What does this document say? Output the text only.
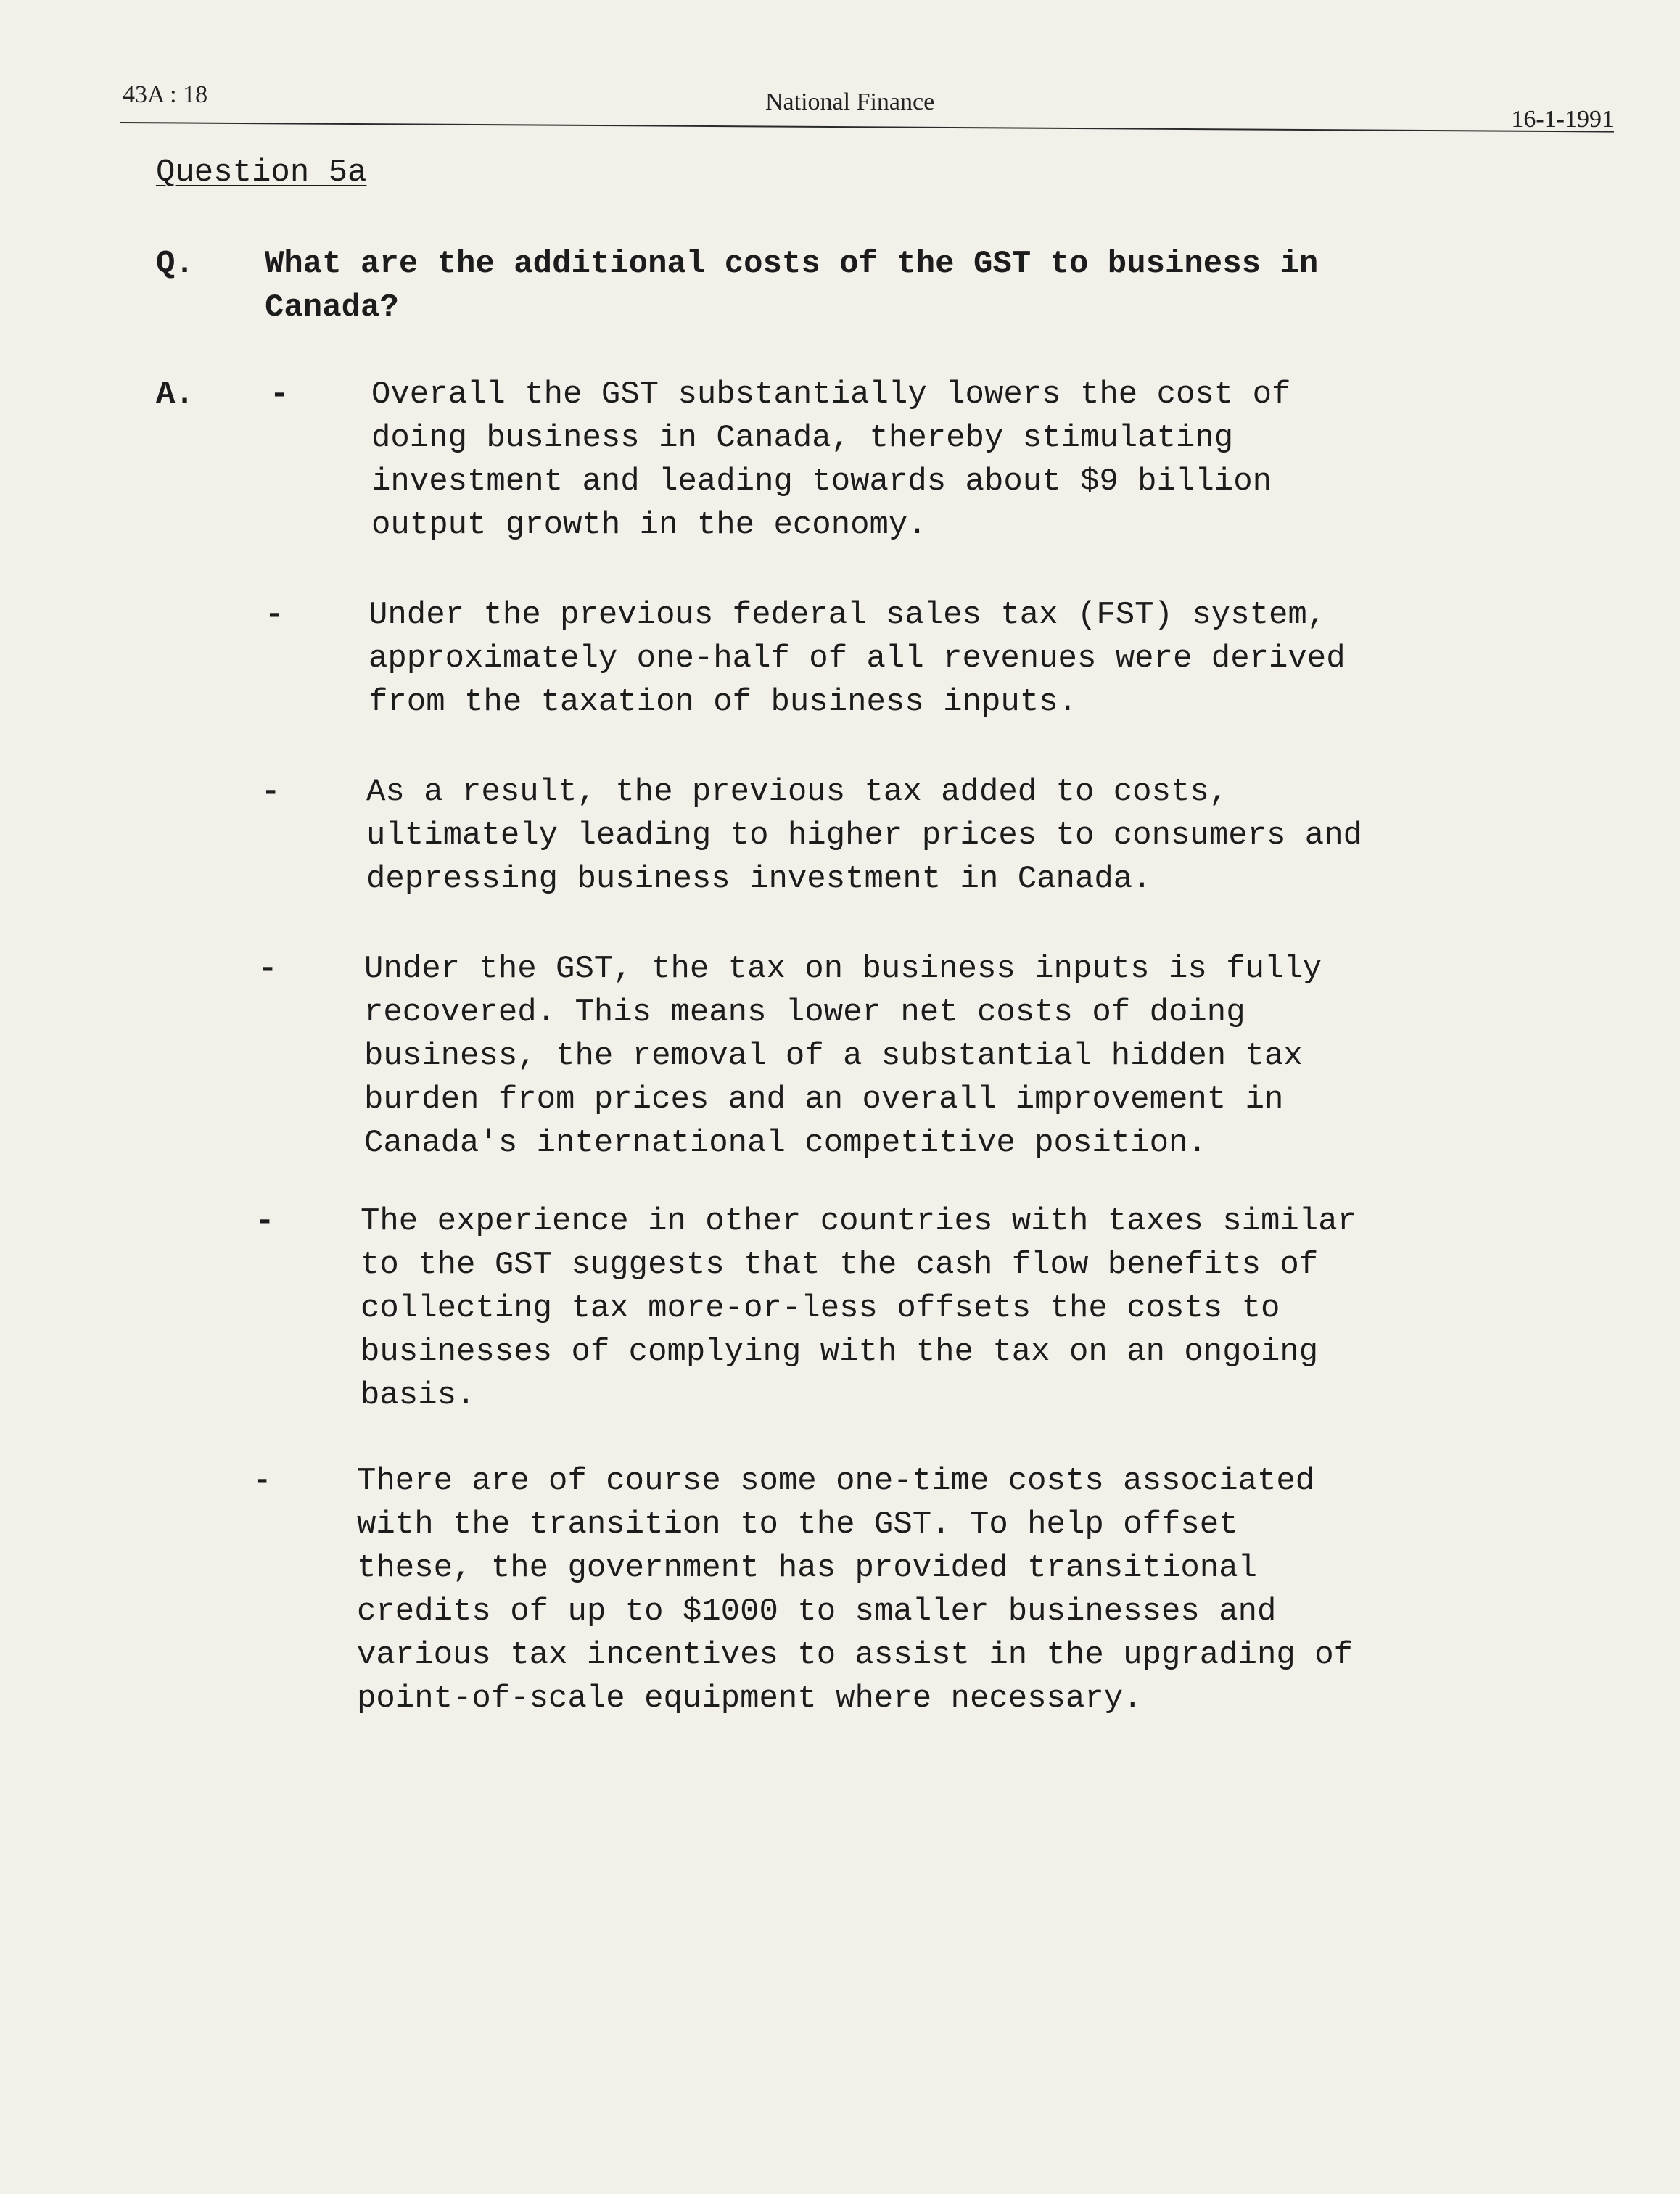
43A : 18	National Finance
16-1-1991
Question 5a
Q. What are the additional costs of the GST to business in
Canada?
A. -	Overall the GST substantially lowers the cost of
doing business in Canada, thereby stimulating
investment and leading towards about $9 billion
output growth in the economy.
-	Under the previous federal sales tax (FST) system,
approximately one-half of all revenues were derived
from the taxation of business inputs.
-	As a result, the previous tax added to costs,
ultimately leading to higher prices to consumers and
depressing business investment in Canada.
-	Under the GST, the tax on business inputs is fully
recovered. This means lower net costs of doing
business, the removal of a substantial hidden tax
burden from prices and an overall improvement in
Canada's international competitive position.
-	The experience in other countries with taxes similar
to the GST suggests that the cash flow benefits of
collecting tax more-or-less offsets the costs to
businesses of complying with the tax on an ongoing
basis.
-	There are of course some one-time costs associated
with the transition to the GST. To help offset
these, the government has provided transitional
credits of up to $1000 to smaller businesses and
various tax incentives to assist in the upgrading of
point-of-scale equipment where necessary.
